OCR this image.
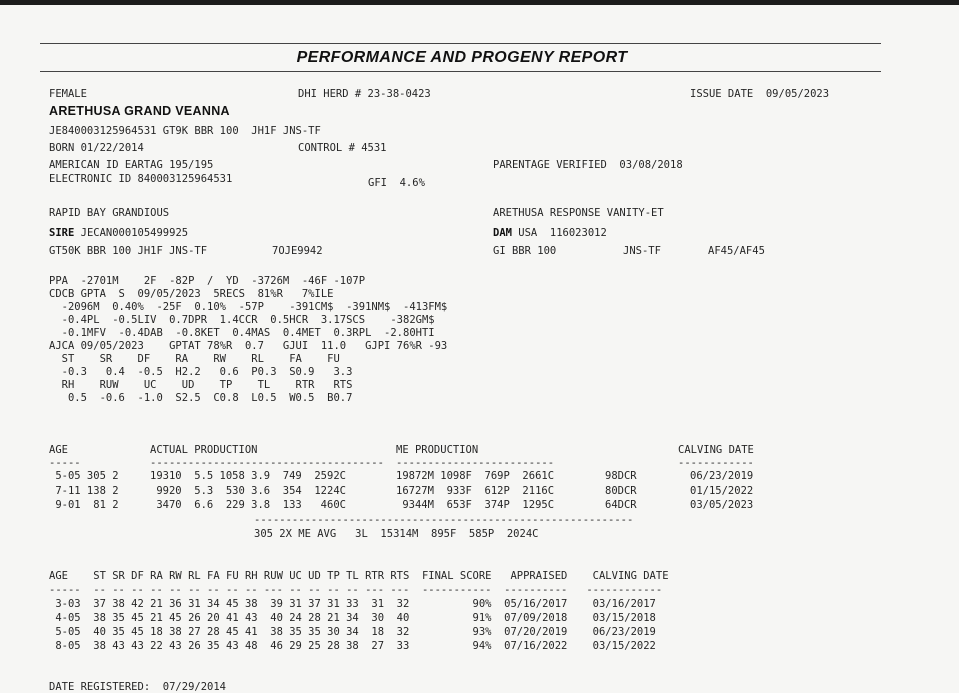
PERFORMANCE AND PROGENY REPORT
FEMALE	DHI HERD # 23-38-0423	ISSUE DATE  09/05/2023
ARETHUSA GRAND VEANNA
JE840003125964531 GT9K BBR 100  JH1F JNS-TF
BORN 01/22/2014	CONTROL # 4531
AMERICAN ID EARTAG 195/195	PARENTAGE VERIFIED  03/08/2018
ELECTRONIC ID 840003125964531	GFI  4.6%
RAPID BAY GRANDIOUS	ARETHUSA RESPONSE VANITY-ET
SIRE JECAN000105499925	DAM USA  116023012
GT50K BBR 100 JH1F JNS-TF	7OJE9942	GI BBR 100	JNS-TF	AF45/AF45
PPA  -2701M    2F  -82P  /  YD  -3726M  -46F -107P
CDCB GPTA  S  09/05/2023  5RECS  81%R   7%ILE
-2096M  0.40%  -25F  0.10%  -57P    -391CM$  -391NM$  -413FM$
-0.4PL  -0.5LIV  0.7DPR  1.4CCR  0.5HCR  3.17SCS    -382GM$
-0.1MFV  -0.4DAB  -0.8KET  0.4MAS  0.4MET  0.3RPL  -2.80HTI
AJCA 09/05/2023    GPTAT 78%R  0.7   GJUI  11.0   GJPI 76%R -93
ST    SR    DF    RA    RW    RL    FA    FU
-0.3   0.4  -0.5  H2.2   0.6  P0.3  S0.9   3.3
RH    RUW    UC    UD    TP    TL    RTR   RTS
0.5  -0.6  -1.0  S2.5  C0.8  L0.5  W0.5  B0.7
AGE	ACTUAL PRODUCTION	ME PRODUCTION	CALVING DATE
-----	------------------------------------- -------------------------	------------
5-05 305 2	19310  5.5 1058 3.9  749  2592C	19872M 1098F  769P  2661C	98DCR	06/23/2019
7-11 138 2	9920  5.3  530 3.6  354  1224C	16727M  933F  612P  2116C	80DCR	01/15/2022
9-01  81 2	3470  6.6  229 3.8  133   460C	9344M  653F  374P  1295C	64DCR	03/05/2023
------------------------------------------------------------
305 2X ME AVG   3L  15314M  895F  585P  2024C
AGE    ST SR DF RA RW RL FA FU RH RUW UC UD TP TL RTR RTS  FINAL SCORE   APPRAISED    CALVING DATE
-----  -- -- -- -- -- -- -- -- -- --- -- -- -- -- --- ---  -----------  ----------   ------------
3-03  37 38 42 21 36 31 34 45 38  39 31 37 31 33  31  32          90%  05/16/2017    03/16/2017
4-05  38 35 45 21 45 26 20 41 43  40 24 28 21 34  30  40          91%  07/09/2018    03/15/2018
5-05  40 35 45 18 38 27 28 45 41  38 35 35 30 34  18  32          93%  07/20/2019    06/23/2019
8-05  38 43 43 22 43 26 35 43 48  46 29 25 28 38  27  33          94%  07/16/2022    03/15/2022
DATE REGISTERED:  07/29/2014
